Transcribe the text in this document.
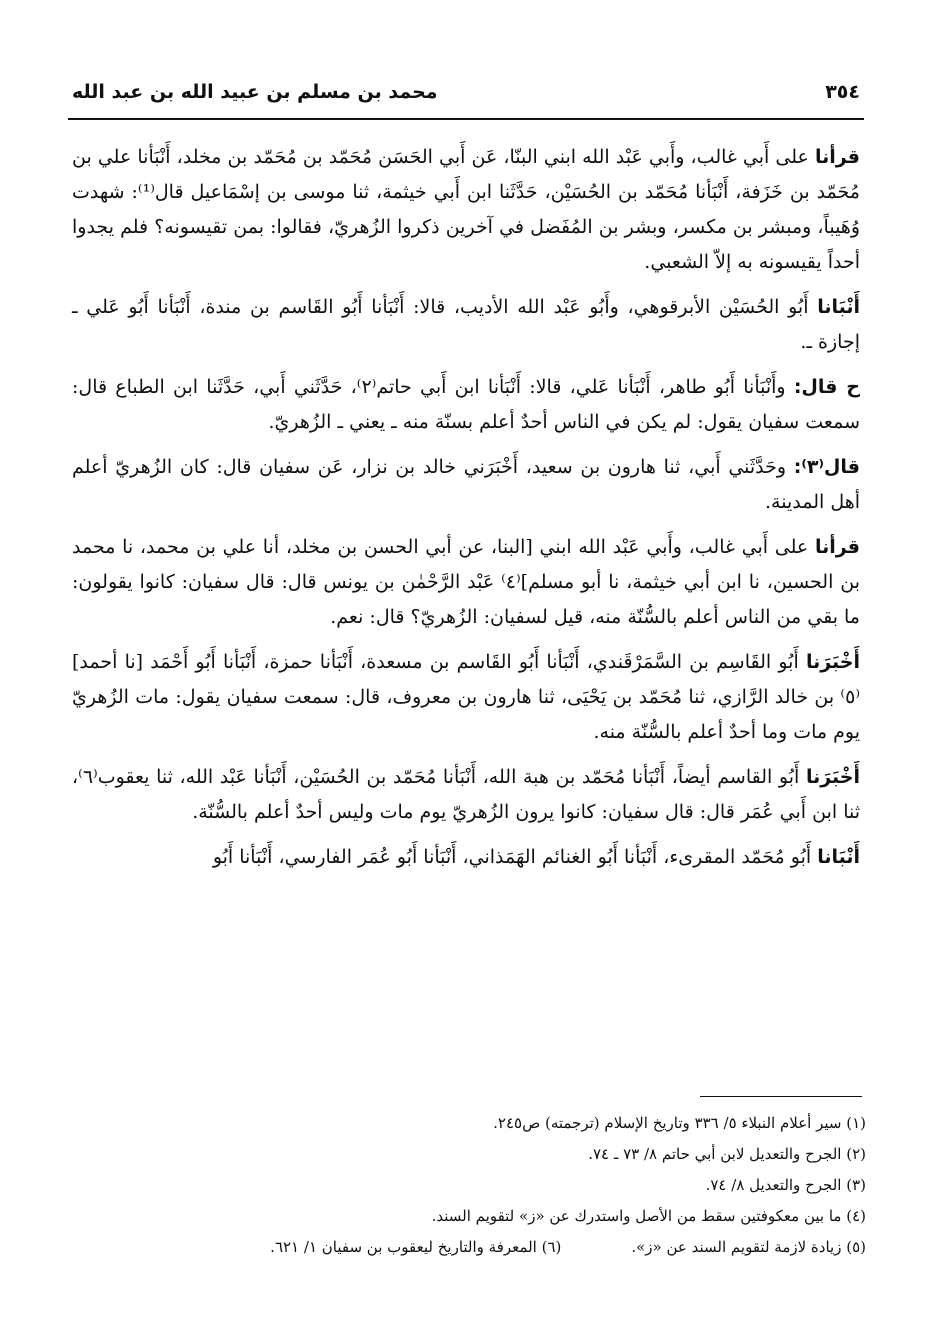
٣٥٤
محمد بن مسلم بن عبيد الله بن عبد الله

قرأنا على أَبي غالب، وأَبي عَبْد الله ابني البنّا، عَن أَبي الحَسَن مُحَمّد بن مُحَمّد بن مخلد، أَنْبَأنا علي بن مُحَمّد بن خَزَفة، أَنْبَأنا مُحَمّد بن الحُسَيْن، حَدَّثَنا ابن أَبي خيثمة، ثنا موسى بن إسْمَاعيل قال⁽¹⁾: شهدت وُهَيباً، ومبشر بن مكسر، وبشر بن المُفَضل في آخرين ذكروا الزُهريّ، فقالوا: بمن تقيسونه؟ فلم يجدوا أحداً يقيسونه به إلاّ الشعبي.

أَنْبَانا أَبُو الحُسَيْن الأبرقوهي، وأَبُو عَبْد الله الأديب، قالا: أَنْبَأنا أَبُو القَاسم بن مندة، أَنْبَأنا أَبُو عَلي ـ إجازة ـ.

ح قال: وأَنْبَأنا أَبُو طاهر، أَنْبَأنا عَلي، قالا: أَنْبَأنا ابن أَبي حاتم⁽٢⁾، حَدَّثَني أَبي، حَدَّثَنا ابن الطباع قال: سمعت سفيان يقول: لم يكن في الناس أحدٌ أعلم بسنّة منه ـ يعني ـ الزُهريّ.

قال⁽٣⁾: وحَدَّثَني أَبي، ثنا هارون بن سعيد، أَخْبَرَني خالد بن نزار، عَن سفيان قال: كان الزُهريّ أعلم أهل المدينة.

قرأنا على أَبي غالب، وأَبي عَبْد الله ابني [البنا، عن أبي الحسن بن مخلد، أنا علي بن محمد، نا محمد بن الحسين، نا ابن أبي خيثمة، نا أبو مسلم]⁽٤⁾ عَبْد الرَّحْمٰن بن يونس قال: قال سفيان: كانوا يقولون: ما بقي من الناس أعلم بالسُّنّة منه، قيل لسفيان: الزُهريّ؟ قال: نعم.

أَخْبَرَنا أَبُو القَاسِم بن السَّمَرْقَندي، أَنْبَأنا أَبُو القَاسم بن مسعدة، أَنْبَأنا حمزة، أَنْبَأنا أَبُو أَحْمَد [نا أحمد]⁽٥⁾ بن خالد الرَّازي، ثنا مُحَمّد بن يَحْيَى، ثنا هارون بن معروف، قال: سمعت سفيان يقول: مات الزُهريّ يوم مات وما أحدٌ أعلم بالسُّنّة منه.

أَخْبَرَنا أَبُو القاسم أيضاً، أَنْبَأنا مُحَمّد بن هبة الله، أَنْبَأنا مُحَمّد بن الحُسَيْن، أَنْبَأنا عَبْد الله، ثنا يعقوب⁽٦⁾، ثنا ابن أَبي عُمَر قال: قال سفيان: كانوا يرون الزُهريّ يوم مات وليس أحدٌ أعلم بالسُّنّة.

أَنْبَانا أَبُو مُحَمّد المقرىء، أَنْبَأنا أَبُو الغنائم الهَمَذاني، أَنْبَأنا أَبُو عُمَر الفارسي، أَنْبَأنا أَبُو

(١) سير أعلام النبلاء ٥/ ٣٣٦ وتاريخ الإسلام (ترجمته) ص٢٤٥.

(٢) الجرح والتعديل لابن أبي حاتم ٨/ ٧٣ ـ ٧٤.

(٣) الجرح والتعديل ٨/ ٧٤.

(٤) ما بين معكوفتين سقط من الأصل واستدرك عن «ز» لتقويم السند.

(٥) زيادة لازمة لتقويم السند عن «ز».
(٦) المعرفة والتاريخ ليعقوب بن سفيان ١/ ٦٢١.
